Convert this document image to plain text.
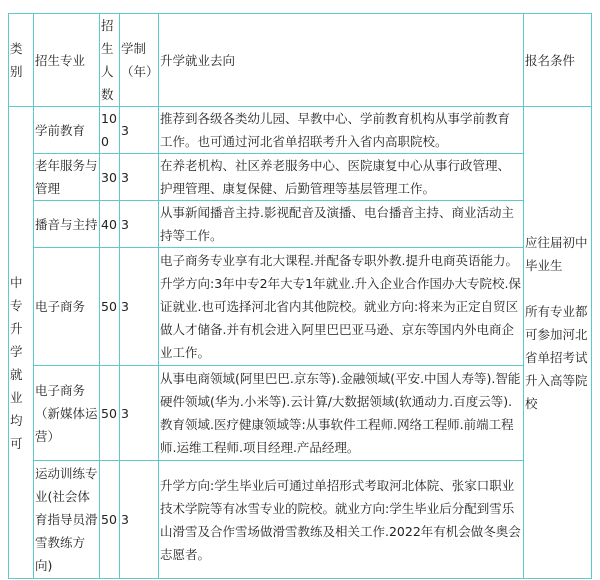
类别	招生专业	招生人数	学制（年）	升学就业去向	报名条件
中专升学就业均可	学前教育	100	3	推荐到各级各类幼儿园、早教中心、学前教育机构从事学前教育工作。也可通过河北省单招联考升入省内高职院校。	应往届初中毕业生
所有专业都可参加河北省单招考试升入高等院校

	老年服务与管理	30	3	在养老机构、社区养老服务中心、医院康复中心从事行政管理、护理管理、康复保健、后勤管理等基层管理工作。	
	播音与主持	40	3	从事新闻播音主持.影视配音及演播、电台播音主持、商业活动主持等工作。	
	电子商务	50	3	电子商务专业享有北大课程.并配备专职外教.提升电商英语能力。升学方向:3年中专2年大专1年就业.升入企业合作国办大专院校.保证就业.也可选择河北省内其他院校。就业方向:将来为正定自贸区做人才储备.并有机会进入阿里巴巴亚马逊、京东等国内外电商企业工作。	
	电子商务（新媒体运营）	50	3	从事电商领域(阿里巴巴.京东等).金融领域(平安.中国人寿等).智能硬件领域(华为.小米等).云计算/大数据领域(软通动力.百度云等).教育领域.医疗健康领域等:从事软件工程师.网络工程师.前端工程师.运维工程师.项目经理.产品经理。	
	运动训练专业(社会体育指导员滑雪教练方向)	50	3	升学方向:学生毕业后可通过单招形式考取河北体院、张家口职业技术学院等有冰雪专业的院校。就业方向:学生毕业后分配到雪乐山滑雪及合作雪场做滑雪教练及相关工作.2022年有机会做冬奥会志愿者。	
